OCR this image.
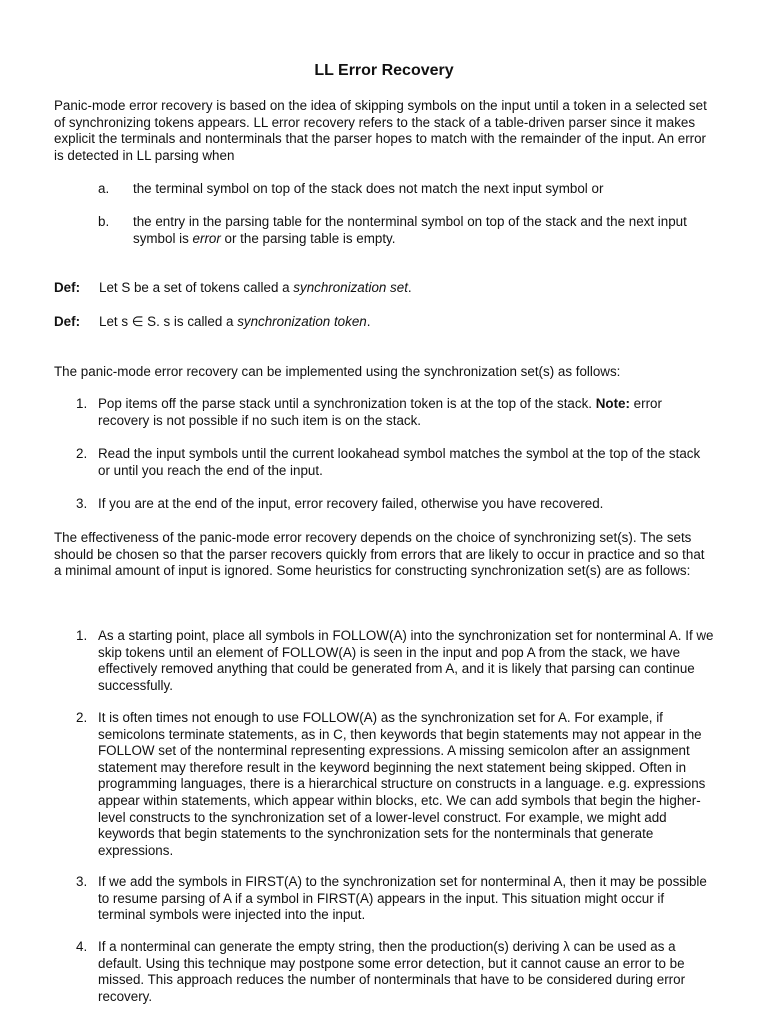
LL Error Recovery

Panic-mode error recovery is based on the idea of skipping symbols on the input until a token in a selected set of synchronizing tokens appears. LL error recovery refers to the stack of a table-driven parser since it makes explicit the terminals and nonterminals that the parser hopes to match with the remainder of the input. An error is detected in LL parsing when

a. the terminal symbol on top of the stack does not match the next input symbol or
b. the entry in the parsing table for the nonterminal symbol on top of the stack and the next input symbol is error or the parsing table is empty.
Def: Let S be a set of tokens called a synchronization set.
Def: Let s ∈ S. s is called a synchronization token.

The panic-mode error recovery can be implemented using the synchronization set(s) as follows:

1. Pop items off the parse stack until a synchronization token is at the top of the stack. Note: error recovery is not possible if no such item is on the stack.
2. Read the input symbols until the current lookahead symbol matches the symbol at the top of the stack or until you reach the end of the input.
3. If you are at the end of the input, error recovery failed, otherwise you have recovered.

The effectiveness of the panic-mode error recovery depends on the choice of synchronizing set(s). The sets should be chosen so that the parser recovers quickly from errors that are likely to occur in practice and so that a minimal amount of input is ignored. Some heuristics for constructing synchronization set(s) are as follows:

1. As a starting point, place all symbols in FOLLOW(A) into the synchronization set for nonterminal A. If we skip tokens until an element of FOLLOW(A) is seen in the input and pop A from the stack, we have effectively removed anything that could be generated from A, and it is likely that parsing can continue successfully.
2. It is often times not enough to use FOLLOW(A) as the synchronization set for A. For example, if semicolons terminate statements, as in C, then keywords that begin statements may not appear in the FOLLOW set of the nonterminal representing expressions. A missing semicolon after an assignment statement may therefore result in the keyword beginning the next statement being skipped. Often in programming languages, there is a hierarchical structure on constructs in a language. e.g. expressions appear within statements, which appear within blocks, etc. We can add symbols that begin the higher-level constructs to the synchronization set of a lower-level construct. For example, we might add keywords that begin statements to the synchronization sets for the nonterminals that generate expressions.
3. If we add the symbols in FIRST(A) to the synchronization set for nonterminal A, then it may be possible to resume parsing of A if a symbol in FIRST(A) appears in the input. This situation might occur if terminal symbols were injected into the input.
4. If a nonterminal can generate the empty string, then the production(s) deriving λ can be used as a default. Using this technique may postpone some error detection, but it cannot cause an error to be missed. This approach reduces the number of nonterminals that have to be considered during error recovery.
